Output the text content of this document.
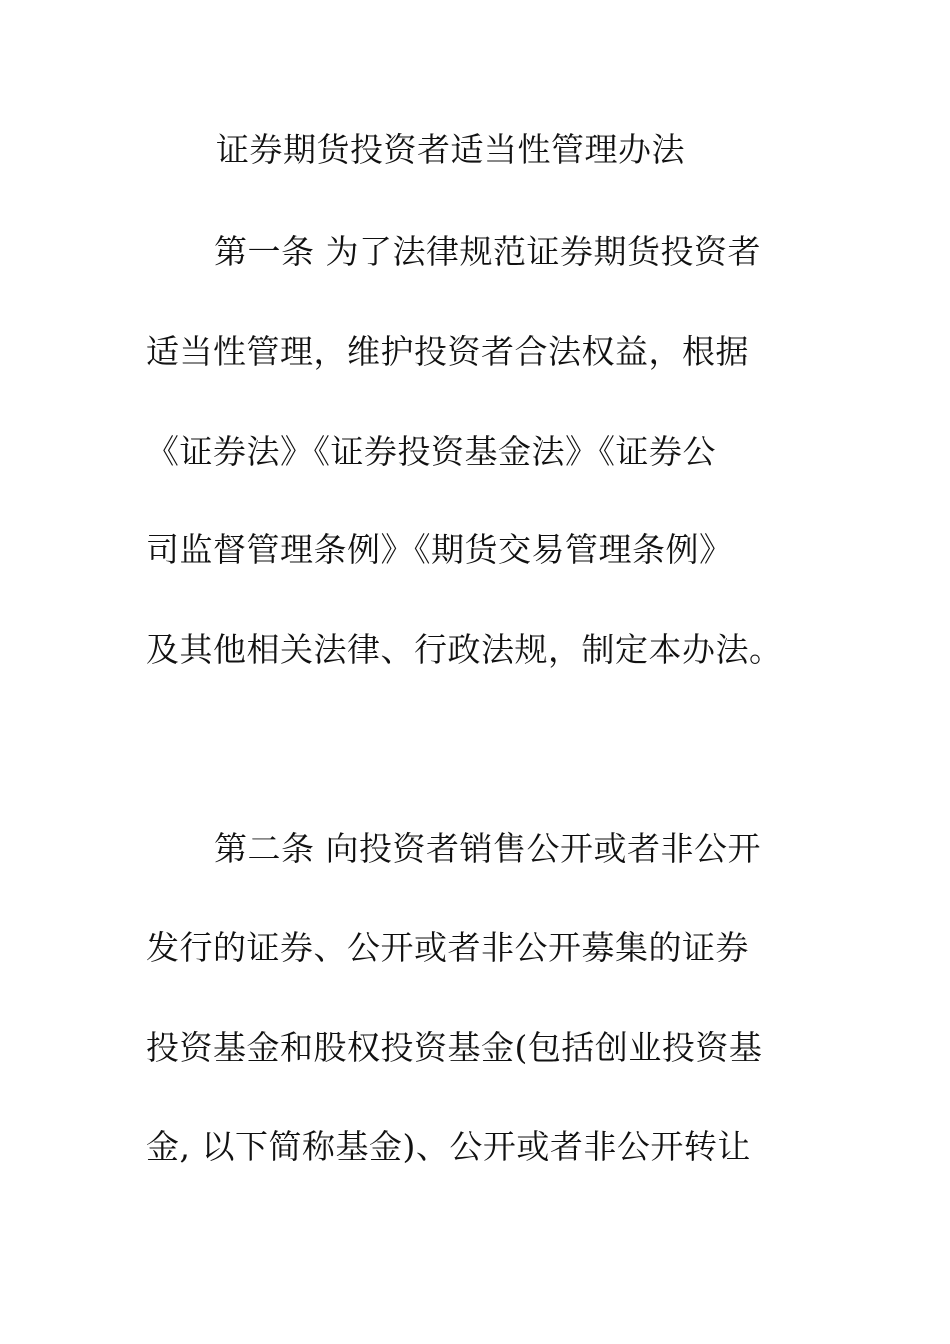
证券期货投资者适当性管理办法
第一条 为了法律规范证券期货投资者
适当性管理，维护投资者合法权益，根据
《证券法》《证券投资基金法》《证券公
司监督管理条例》《期货交易管理条例》
及其他相关法律、行政法规，制定本办法。
第二条 向投资者销售公开或者非公开
发行的证券、公开或者非公开募集的证券
投资基金和股权投资基金(包括创业投资基
金, 以下简称基金)、公开或者非公开转让
